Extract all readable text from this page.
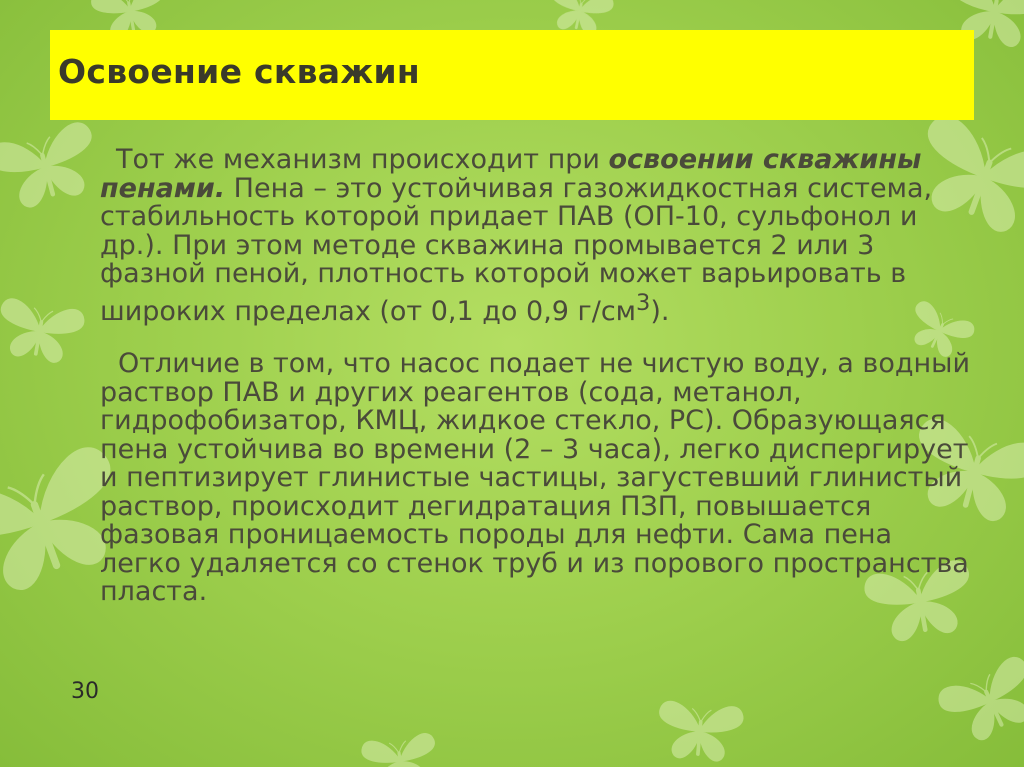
Освоение скважин

Тот же механизм происходит при освоении скважины пенами. Пена – это устойчивая газожидкостная система, стабильность которой придает ПАВ (ОП-10, сульфонол и др.). При этом методе скважина промывается 2 или 3 фазной пеной, плотность которой может варьировать в широких пределах (от 0,1 до 0,9 $г/см^3$).

Отличие в том, что насос подает не чистую воду, а водный раствор ПАВ и других реагентов (сода, метанол, гидрофобизатор, КМЦ, жидкое стекло, РС). Образующаяся пена устойчива во времени (2 – 3 часа), легко диспергирует и пептизирует глинистые частицы, загустевший глинистый раствор, происходит дегидратация ПЗП, повышается фазовая проницаемость породы для нефти. Сама пена легко удаляется со стенок труб и из порового пространства пласта.

30
